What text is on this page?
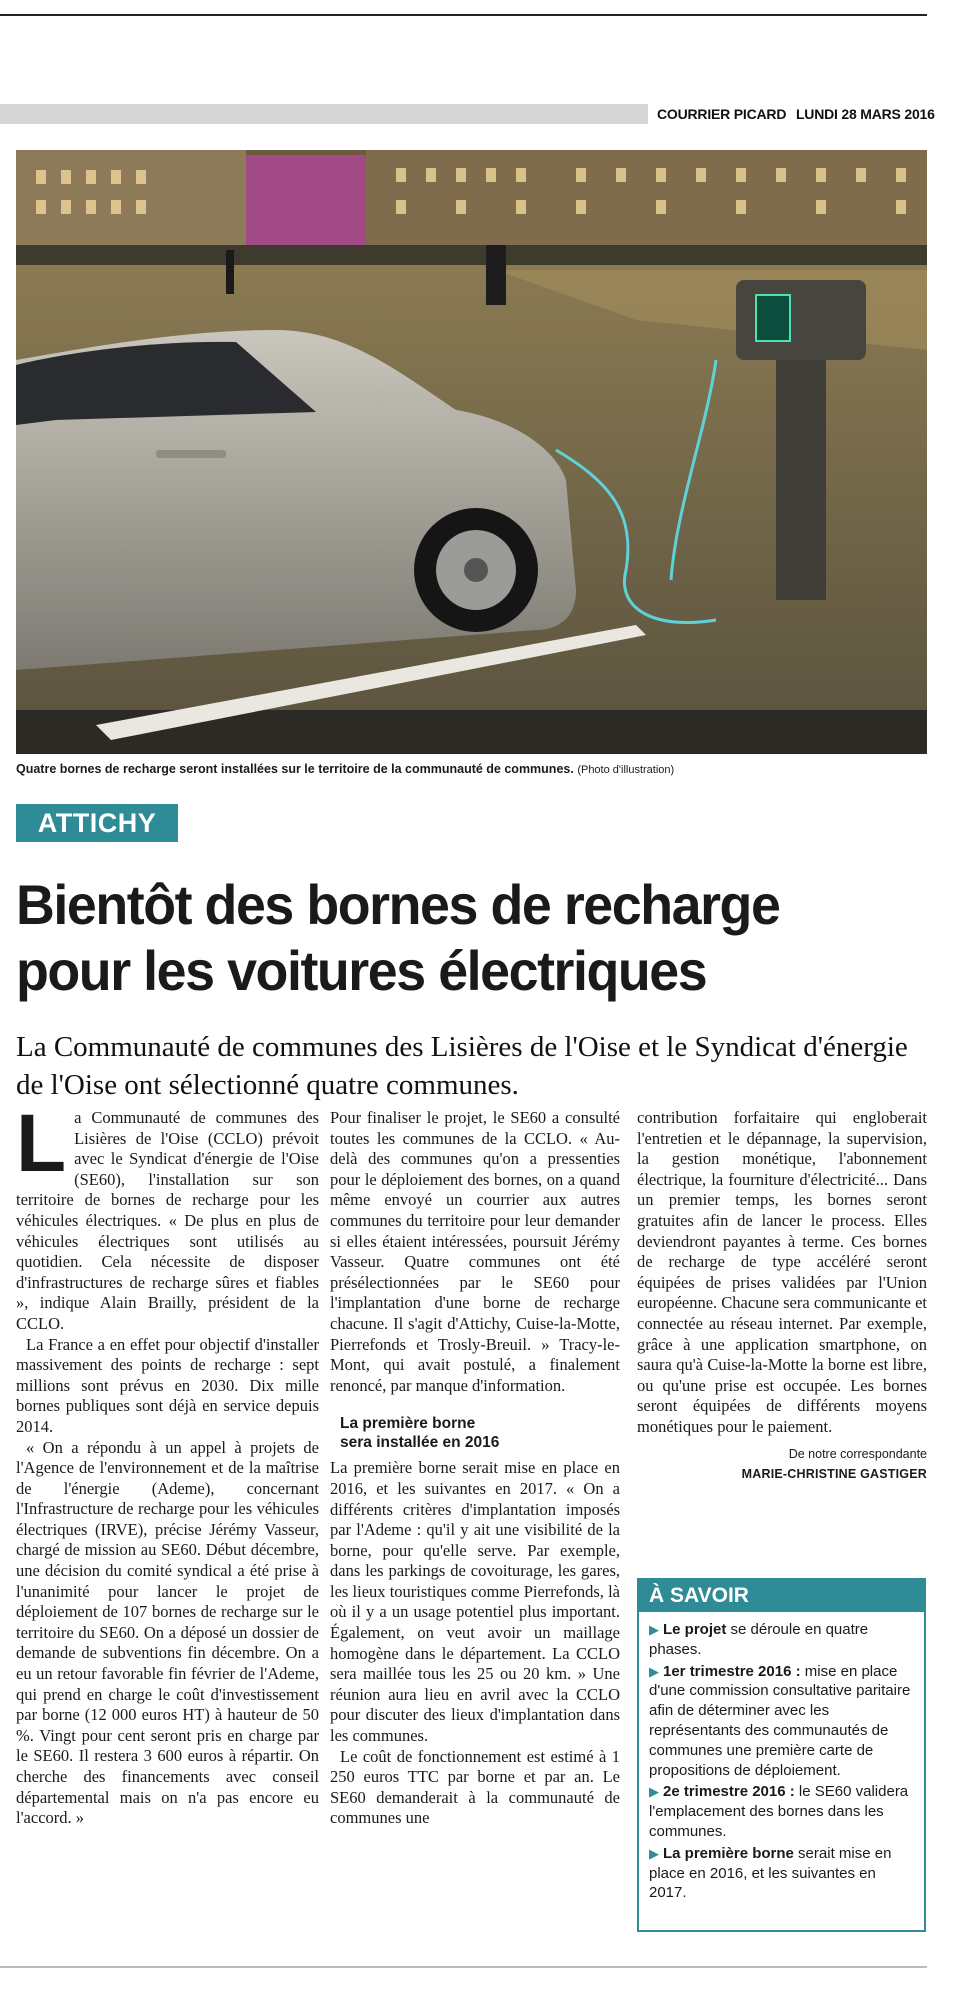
COURRIER PICARD LUNDI 28 MARS 2016
Quatre bornes de recharge seront installées sur le territoire de la communauté de communes. (Photo d'illustration)
ATTICHY
Bientôt des bornes de recharge
pour les voitures électriques
La Communauté de communes des Lisières de l'Oise et le Syndicat d'énergie de l'Oise ont sélectionné quatre communes.

La Communauté de communes des Lisières de l'Oise (CCLO) prévoit avec le Syndicat d'énergie de l'Oise (SE60), l'installation sur son territoire de bornes de recharge pour les véhicules électriques. « De plus en plus de véhicules électriques sont utilisés au quotidien. Cela nécessite de disposer d'infrastructures de recharge sûres et fiables », indique Alain Brailly, président de la CCLO.

La France a en effet pour objectif d'installer massivement des points de recharge : sept millions sont prévus en 2030. Dix mille bornes publiques sont déjà en service depuis 2014.

« On a répondu à un appel à projets de l'Agence de l'environnement et de la maîtrise de l'énergie (Ademe), concernant l'Infrastructure de recharge pour les véhicules électriques (IRVE), précise Jérémy Vasseur, chargé de mission au SE60. Début décembre, une décision du comité syndical a été prise à l'unanimité pour lancer le projet de déploiement de 107 bornes de recharge sur le territoire du SE60. On a déposé un dossier de demande de subventions fin décembre. On a eu un retour favorable fin février de l'Ademe, qui prend en charge le coût d'investissement par borne (12 000 euros HT) à hauteur de 50 %. Vingt pour cent seront pris en charge par le SE60. Il restera 3 600 euros à répartir. On cherche des financements avec conseil départemental mais on n'a pas encore eu l'accord. »

Pour finaliser le projet, le SE60 a consulté toutes les communes de la CCLO. « Au-delà des communes qu'on a pressenties pour le déploiement des bornes, on a quand même envoyé un courrier aux autres communes du territoire pour leur demander si elles étaient intéressées, poursuit Jérémy Vasseur. Quatre communes ont été présélectionnées par le SE60 pour l'implantation d'une borne de recharge chacune. Il s'agit d'Attichy, Cuise-la-Motte, Pierrefonds et Trosly-Breuil. » Tracy-le-Mont, qui avait postulé, a finalement renoncé, par manque d'information.

La première borne
sera installée en 2016

La première borne serait mise en place en 2016, et les suivantes en 2017. « On a différents critères d'implantation imposés par l'Ademe : qu'il y ait une visibilité de la borne, pour qu'elle serve. Par exemple, dans les parkings de covoiturage, les gares, les lieux touristiques comme Pierrefonds, là où il y a un usage potentiel plus important. Également, on veut avoir un maillage homogène dans le département. La CCLO sera maillée tous les 25 ou 20 km. » Une réunion aura lieu en avril avec la CCLO pour discuter des lieux d'implantation dans les communes.

Le coût de fonctionnement est estimé à 1 250 euros TTC par borne et par an. Le SE60 demanderait à la communauté de communes une

contribution forfaitaire qui engloberait l'entretien et le dépannage, la supervision, la gestion monétique, l'abonnement électrique, la fourniture d'électricité... Dans un premier temps, les bornes seront gratuites afin de lancer le process. Elles deviendront payantes à terme. Ces bornes de recharge de type accéléré seront équipées de prises validées par l'Union européenne. Chacune sera communicante et connectée au réseau internet. Par exemple, grâce à une application smartphone, on saura qu'à Cuise-la-Motte la borne est libre, ou qu'une prise est occupée. Les bornes seront équipées de différents moyens monétiques pour le paiement.

De notre correspondante
MARIE-CHRISTINE GASTIGER
À SAVOIR

▶ Le projet se déroule en quatre phases.

▶ 1er trimestre 2016 : mise en place d'une commission consultative paritaire afin de déterminer avec les représentants des communautés de communes une première carte de propositions de déploiement.

▶ 2e trimestre 2016 : le SE60 validera l'emplacement des bornes dans les communes.

▶ La première borne serait mise en place en 2016, et les suivantes en 2017.
